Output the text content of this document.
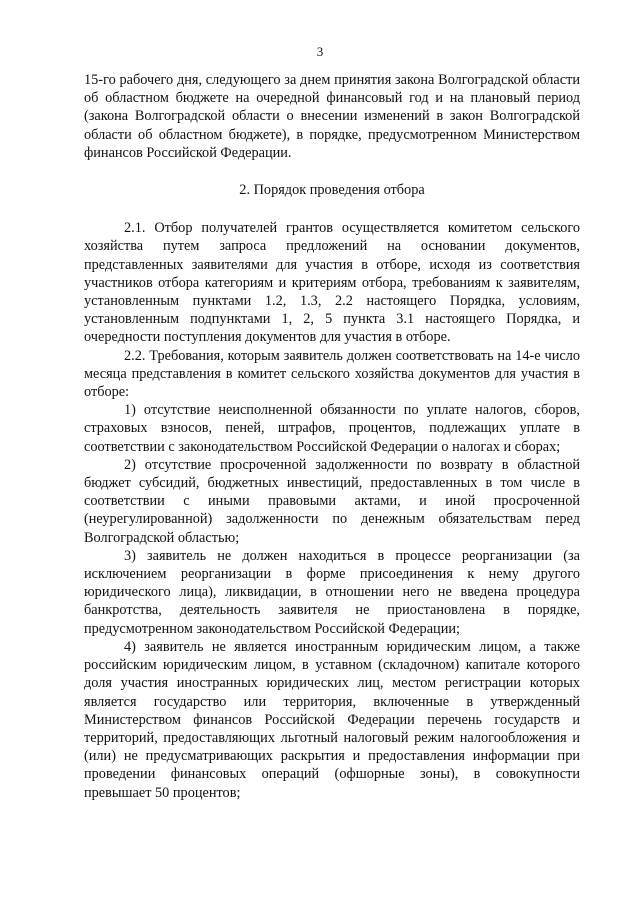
3

15-го рабочего дня, следующего за днем принятия закона Волгоградской области об областном бюджете на очередной финансовый год и на плановый период (закона Волгоградской области о внесении изменений в закон Волгоградской области об областном бюджете), в порядке, предусмотренном Министерством финансов Российской Федерации.

2. Порядок проведения отбора

2.1. Отбор получателей грантов осуществляется комитетом сельского хозяйства путем запроса предложений на основании документов, представленных заявителями для участия в отборе, исходя из соответствия участников отбора категориям и критериям отбора, требованиям к заявителям, установленным пунктами 1.2, 1.3, 2.2 настоящего Порядка, условиям, установленным подпунктами 1, 2, 5 пункта 3.1 настоящего Порядка, и очередности поступления документов для участия в отборе.

2.2. Требования, которым заявитель должен соответствовать на 14-е число месяца представления в комитет сельского хозяйства документов для участия в отборе:

1) отсутствие неисполненной обязанности по уплате налогов, сборов, страховых взносов, пеней, штрафов, процентов, подлежащих уплате в соответствии с законодательством Российской Федерации о налогах и сборах;

2) отсутствие просроченной задолженности по возврату в областной бюджет субсидий, бюджетных инвестиций, предоставленных в том числе в соответствии с иными правовыми актами, и иной просроченной (неурегулированной) задолженности по денежным обязательствам перед Волгоградской областью;

3) заявитель не должен находиться в процессе реорганизации (за исключением реорганизации в форме присоединения к нему другого юридического лица), ликвидации, в отношении него не введена процедура банкротства, деятельность заявителя не приостановлена в порядке, предусмотренном законодательством Российской Федерации;

4) заявитель не является иностранным юридическим лицом, а также российским юридическим лицом, в уставном (складочном) капитале которого доля участия иностранных юридических лиц, местом регистрации которых является государство или территория, включенные в утвержденный Министерством финансов Российской Федерации перечень государств и территорий, предоставляющих льготный налоговый режим налогообложения и (или) не предусматривающих раскрытия и предоставления информации при проведении финансовых операций (офшорные зоны), в совокупности превышает 50 процентов;
